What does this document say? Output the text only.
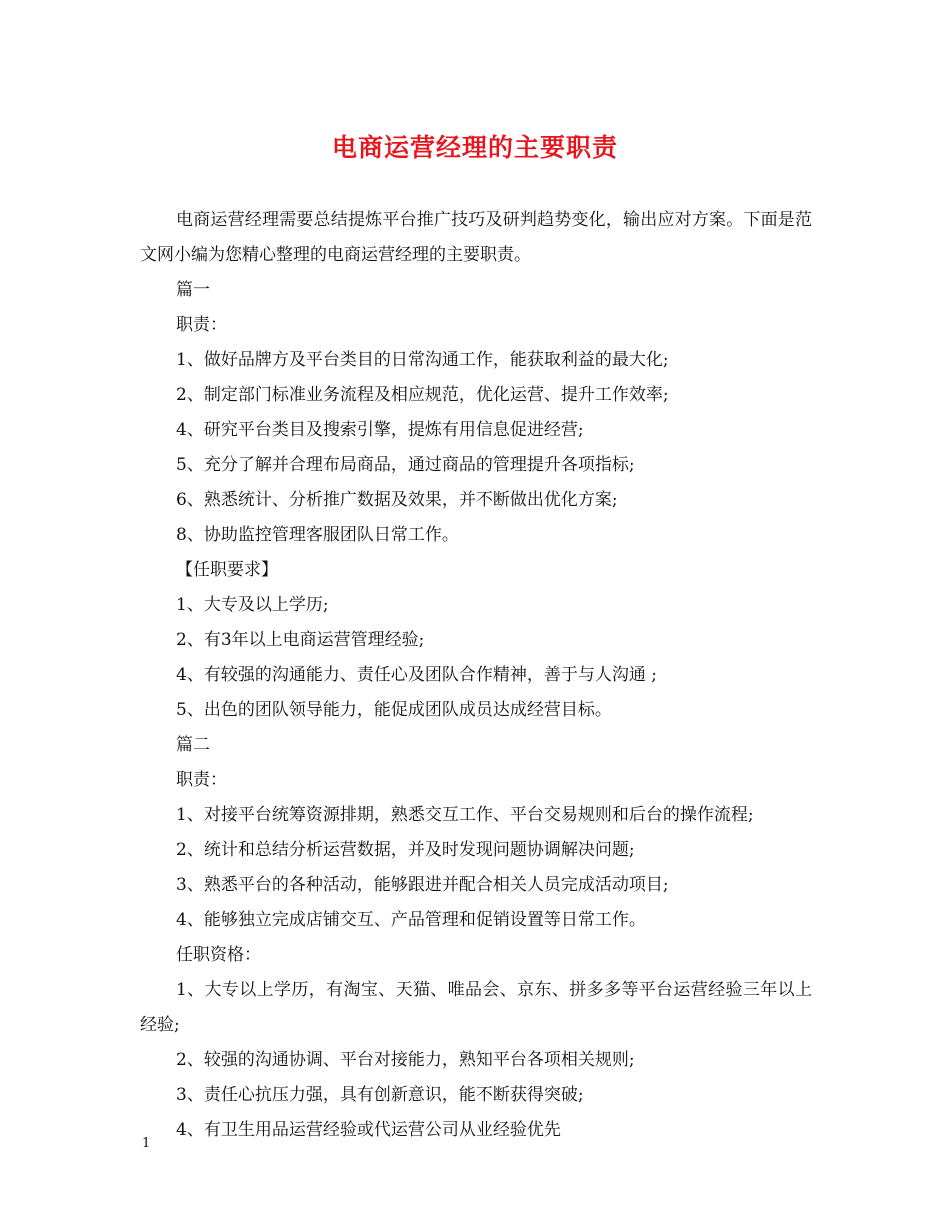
电商运营经理的主要职责

电商运营经理需要总结提炼平台推广技巧及研判趋势变化，输出应对方案。下面是范文网小编为您精心整理的电商运营经理的主要职责。

篇一

职责：

1、做好品牌方及平台类目的日常沟通工作，能获取利益的最大化;

2、制定部门标准业务流程及相应规范，优化运营、提升工作效率;

4、研究平台类目及搜索引擎，提炼有用信息促进经营;

5、充分了解并合理布局商品，通过商品的管理提升各项指标;

6、熟悉统计、分析推广数据及效果，并不断做出优化方案;

8、协助监控管理客服团队日常工作。

【任职要求】

1、大专及以上学历;

2、有3年以上电商运营管理经验;

4、有较强的沟通能力、责任心及团队合作精神，善于与人沟通 ;

5、出色的团队领导能力，能促成团队成员达成经营目标。

篇二

职责：

1、对接平台统筹资源排期，熟悉交互工作、平台交易规则和后台的操作流程;

2、统计和总结分析运营数据，并及时发现问题协调解决问题;

3、熟悉平台的各种活动，能够跟进并配合相关人员完成活动项目;

4、能够独立完成店铺交互、产品管理和促销设置等日常工作。

任职资格：

1、大专以上学历，有淘宝、天猫、唯品会、京东、拼多多等平台运营经验三年以上经验;

2、较强的沟通协调、平台对接能力，熟知平台各项相关规则;

3、责任心抗压力强，具有创新意识，能不断获得突破;

4、有卫生用品运营经验或代运营公司从业经验优先

1
